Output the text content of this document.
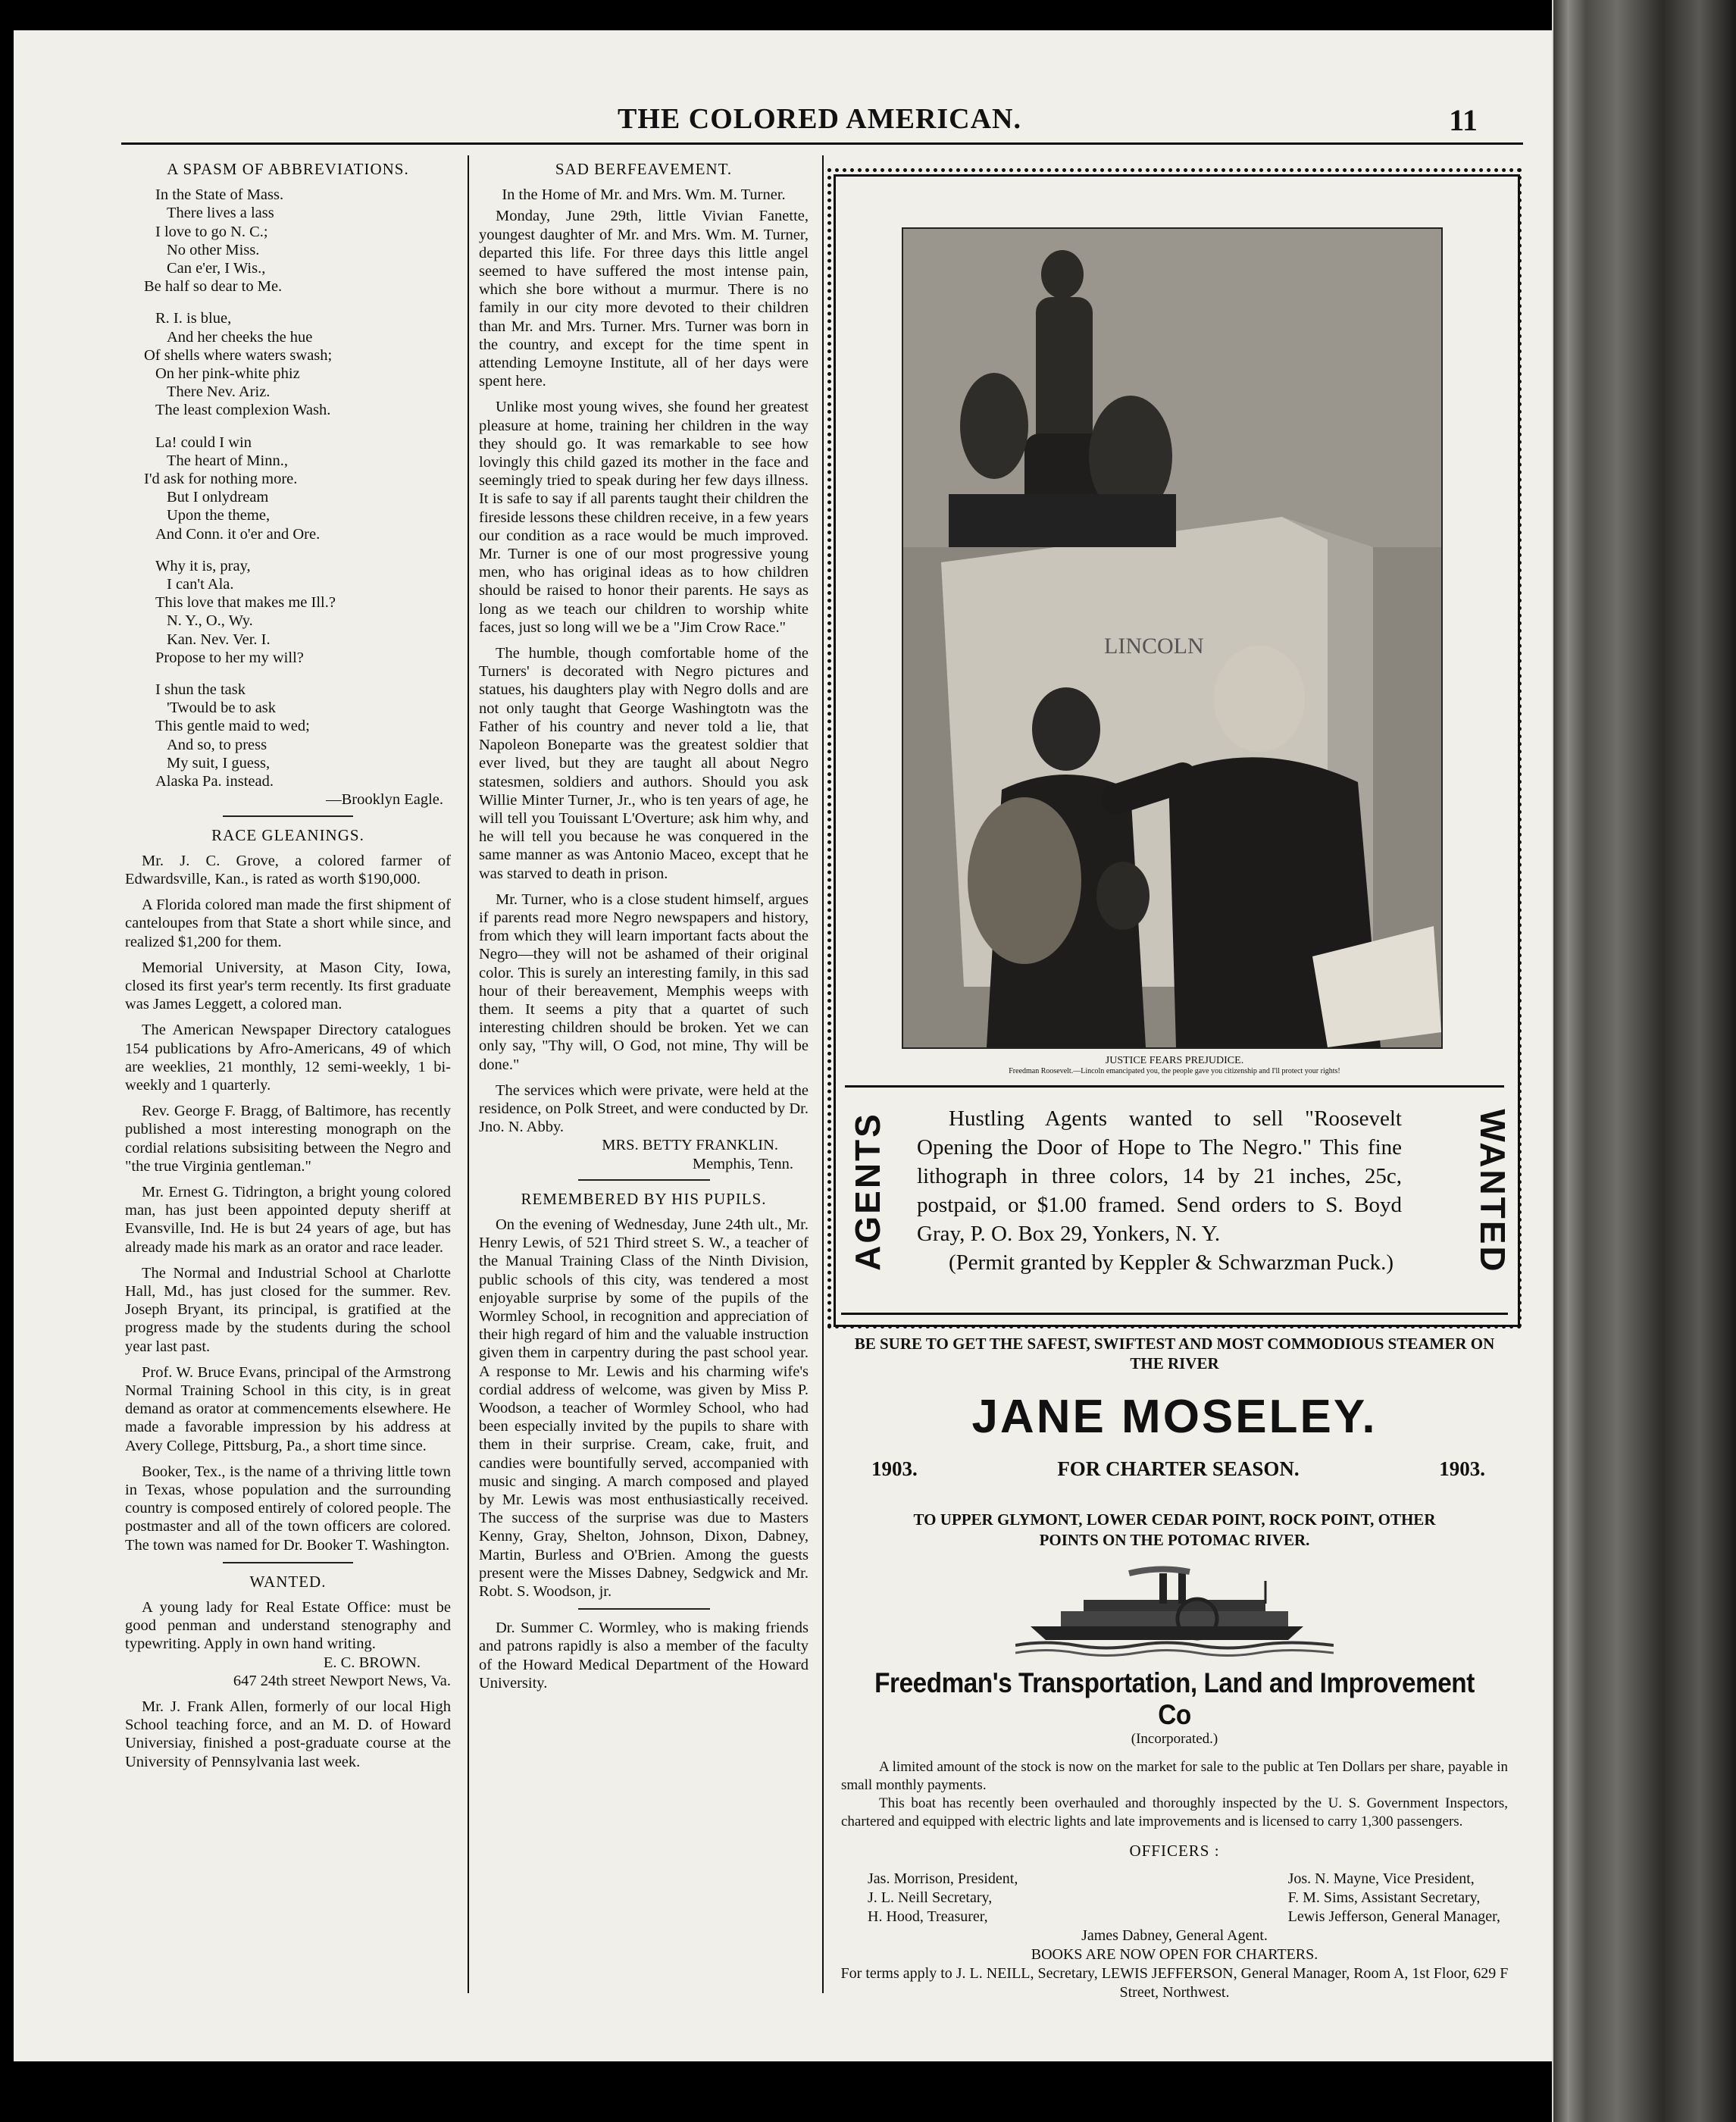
THE COLORED AMERICAN.	11
A SPASM OF ABBREVIATIONS.
In the State of Mass.
There lives a lass
I love to go N. C.;
No other Miss.
Can e'er, I Wis.,
Be half so dear to Me.
R. I. is blue,
And her cheeks the hue
Of shells where waters swash;
On her pink-white phiz
There Nev. Ariz.
The least complexion Wash.
La! could I win
The heart of Minn.,
I'd ask for nothing more.
But I onlydream
Upon the theme,
And Conn. it o'er and Ore.
Why it is, pray,
I can't Ala.
This love that makes me Ill.?
N. Y., O., Wy.
Kan. Nev. Ver. I.
Propose to her my will?
I shun the task
'Twould be to ask
This gentle maid to wed;
And so, to press
My suit, I guess,
Alaska Pa. instead.
—Brooklyn Eagle.
RACE GLEANINGS.

Mr. J. C. Grove, a colored farmer of Edwardsville, Kan., is rated as worth $190,000.

A Florida colored man made the first shipment of canteloupes from that State a short while since, and realized $1,200 for them.

Memorial University, at Mason City, Iowa, closed its first year's term recently. Its first graduate was James Leggett, a colored man.

The American Newspaper Directory catalogues 154 publications by Afro-Americans, 49 of which are weeklies, 21 monthly, 12 semi-weekly, 1 bi-weekly and 1 quarterly.

Rev. George F. Bragg, of Baltimore, has recently published a most interesting monograph on the cordial relations subsisiting between the Negro and "the true Virginia gentleman."

Mr. Ernest G. Tidrington, a bright young colored man, has just been appointed deputy sheriff at Evansville, Ind. He is but 24 years of age, but has already made his mark as an orator and race leader.

The Normal and Industrial School at Charlotte Hall, Md., has just closed for the summer. Rev. Joseph Bryant, its principal, is gratified at the progress made by the students during the school year last past.

Prof. W. Bruce Evans, principal of the Armstrong Normal Training School in this city, is in great demand as orator at commencements elsewhere. He made a favorable impression by his address at Avery College, Pittsburg, Pa., a short time since.

Booker, Tex., is the name of a thriving little town in Texas, whose population and the surrounding country is composed entirely of colored people. The postmaster and all of the town officers are colored. The town was named for Dr. Booker T. Washington.

WANTED.

A young lady for Real Estate Office: must be good penman and understand stenography and typewriting. Apply in own hand writing.

E. C. BROWN.
647 24th street Newport News, Va.

Mr. J. Frank Allen, formerly of our local High School teaching force, and an M. D. of Howard Universiay, finished a post-graduate course at the University of Pennsylvania last week.

SAD BERFEAVEMENT.
In the Home of Mr. and Mrs. Wm. M. Turner.

Monday, June 29th, little Vivian Fanette, youngest daughter of Mr. and Mrs. Wm. M. Turner, departed this life. For three days this little angel seemed to have suffered the most intense pain, which she bore without a murmur. There is no family in our city more devoted to their children than Mr. and Mrs. Turner. Mrs. Turner was born in the country, and except for the time spent in attending Lemoyne Institute, all of her days were spent here.

Unlike most young wives, she found her greatest pleasure at home, training her children in the way they should go. It was remarkable to see how lovingly this child gazed its mother in the face and seemingly tried to speak during her few days illness. It is safe to say if all parents taught their children the fireside lessons these children receive, in a few years our condition as a race would be much improved. Mr. Turner is one of our most progressive young men, who has original ideas as to how children should be raised to honor their parents. He says as long as we teach our children to worship white faces, just so long will we be a "Jim Crow Race."

The humble, though comfortable home of the Turners' is decorated with Negro pictures and statues, his daughters play with Negro dolls and are not only taught that George Washingtotn was the Father of his country and never told a lie, that Napoleon Boneparte was the greatest soldier that ever lived, but they are taught all about Negro statesmen, soldiers and authors. Should you ask Willie Minter Turner, Jr., who is ten years of age, he will tell you Touissant L'Overture; ask him why, and he will tell you because he was conquered in the same manner as was Antonio Maceo, except that he was starved to death in prison.

Mr. Turner, who is a close student himself, argues if parents read more Negro newspapers and history, from which they will learn important facts about the Negro—they will not be ashamed of their original color. This is surely an interesting family, in this sad hour of their bereavement, Memphis weeps with them. It seems a pity that a quartet of such interesting children should be broken. Yet we can only say, "Thy will, O God, not mine, Thy will be done."

The services which were private, were held at the residence, on Polk Street, and were conducted by Dr. Jno. N. Abby.

MRS. BETTY FRANKLIN.
Memphis, Tenn.
REMEMBERED BY HIS PUPILS.

On the evening of Wednesday, June 24th ult., Mr. Henry Lewis, of 521 Third street S. W., a teacher of the Manual Training Class of the Ninth Division, public schools of this city, was tendered a most enjoyable surprise by some of the pupils of the Wormley School, in recognition and appreciation of their high regard of him and the valuable instruction given them in carpentry during the past school year. A response to Mr. Lewis and his charming wife's cordial address of welcome, was given by Miss P. Woodson, a teacher of Wormley School, who had been especially invited by the pupils to share with them in their surprise. Cream, cake, fruit, and candies were bountifully served, accompanied with music and singing. A march composed and played by Mr. Lewis was most enthusiastically received. The success of the surprise was due to Masters Kenny, Gray, Shelton, Johnson, Dixon, Dabney, Martin, Burless and O'Brien. Among the guests present were the Misses Dabney, Sedgwick and Mr. Robt. S. Woodson, jr.

Dr. Summer C. Wormley, who is making friends and patrons rapidly is also a member of the faculty of the Howard Medical Department of the Howard University.

LINCOLN
JUSTICE FEARS PREJUDICE.
Freedman Roosevelt.—Lincoln emancipated you, the people gave you citizenship and I'll protect your rights!
AGENTS	Hustling Agents wanted to sell "Roosevelt Opening the Door of Hope to The Negro." This fine lithograph in three colors, 14 by 21 inches, 25c, postpaid, or $1.00 framed. Send orders to S. Boyd Gray, P. O. Box 29, Yonkers, N. Y.
(Permit granted by Keppler & Schwarzman Puck.) WANTED
BE SURE TO GET THE SAFEST, SWIFTEST AND MOST COMMODIOUS STEAMER ON THE RIVER
JANE MOSELEY.
1903.	FOR CHARTER SEASON.	1903.
TO UPPER GLYMONT, LOWER CEDAR POINT, ROCK POINT, OTHER POINTS ON THE POTOMAC RIVER.
Freedman's Transportation, Land and Improvement Co
(Incorporated.)
A limited amount of the stock is now on the market for sale to the public at Ten Dollars per share, payable in small monthly payments.
This boat has recently been overhauled and thoroughly inspected by the U. S. Government Inspectors, chartered and equipped with electric lights and late improvements and is licensed to carry 1,300 passengers.
OFFICERS :
Jas. Morrison, President,
J. L. Neill Secretary,
H. Hood, Treasurer,
Jos. N. Mayne, Vice President,
F. M. Sims, Assistant Secretary,
Lewis Jefferson, General Manager,
James Dabney, General Agent.
BOOKS ARE NOW OPEN FOR CHARTERS.
For terms apply to J. L. NEILL, Secretary, LEWIS JEFFERSON, General Manager, Room A, 1st Floor, 629 F Street, Northwest.
